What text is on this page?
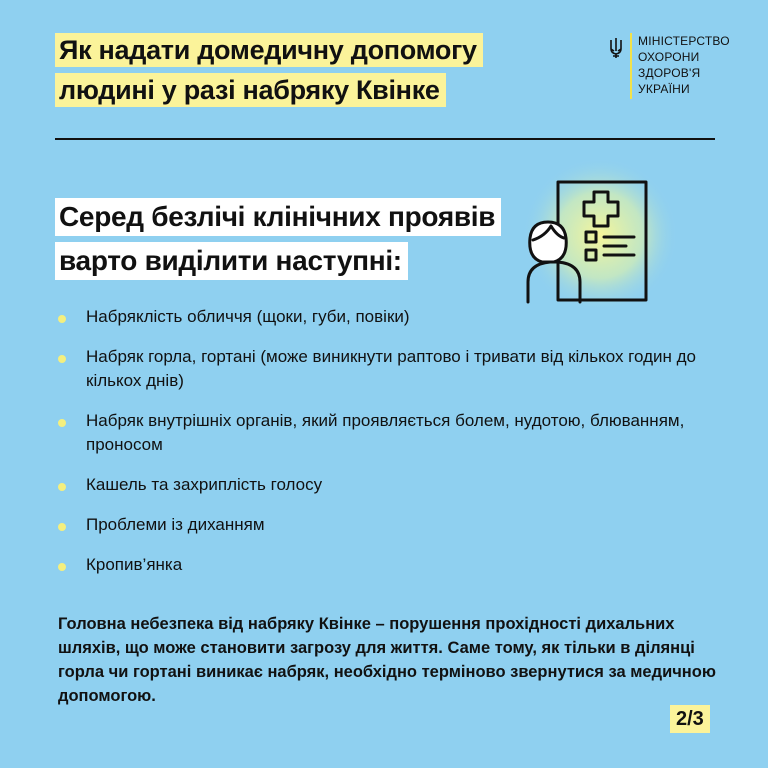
Як надати домедичну допомогу
людині у разі набряку Квінке
МІНІСТЕРСТВО
ОХОРОНИ
ЗДОРОВ'Я
УКРАЇНИ
Серед безлічі клінічних проявів
варто виділити наступні:
Набряклість обличчя (щоки, губи, повіки)
Набряк горла, гортані (може виникнути раптово і тривати від кількох годин до кількох днів)
Набряк внутрішніх органів, який проявляється болем, нудотою, блюванням, проносом
Кашель та захриплість голосу
Проблеми із диханням
Кропив’янка
Головна небезпека від набряку Квінке – порушення прохідності дихальних шляхів, що може становити загрозу для життя. Саме тому, як тільки в ділянці горла чи гортані виникає набряк, необхідно терміново звернутися за медичною допомогою.
2/3
